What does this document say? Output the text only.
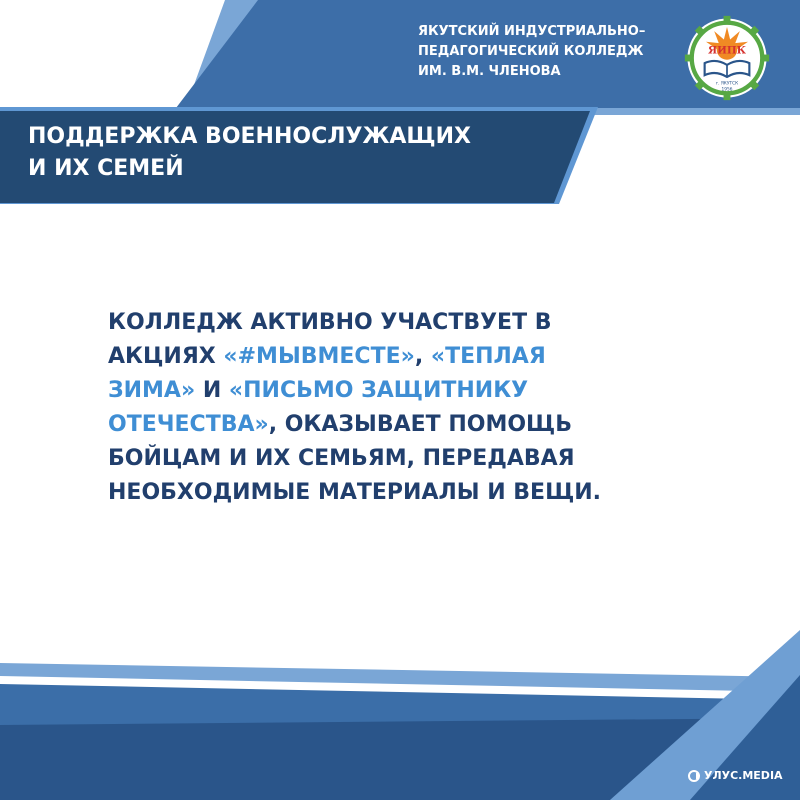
ЯКУТСКИЙ ИНДУСТРИАЛЬНО–
ПЕДАГОГИЧЕСКИЙ КОЛЛЕДЖ
ИМ. В.М. ЧЛЕНОВА
ЯИПК
г. ЯКУТСК
1956
ПОДДЕРЖКА ВОЕННОСЛУЖАЩИХ
И ИХ СЕМЕЙ
КОЛЛЕДЖ АКТИВНО УЧАСТВУЕТ В
АКЦИЯХ «#МЫВМЕСТЕ», «ТЕПЛАЯ
ЗИМА» И «ПИСЬМО ЗАЩИТНИКУ
ОТЕЧЕСТВА», ОКАЗЫВАЕТ ПОМОЩЬ
БОЙЦАМ И ИХ СЕМЬЯМ, ПЕРЕДАВАЯ
НЕОБХОДИМЫЕ МАТЕРИАЛЫ И ВЕЩИ.
УЛУС.MEDIA
